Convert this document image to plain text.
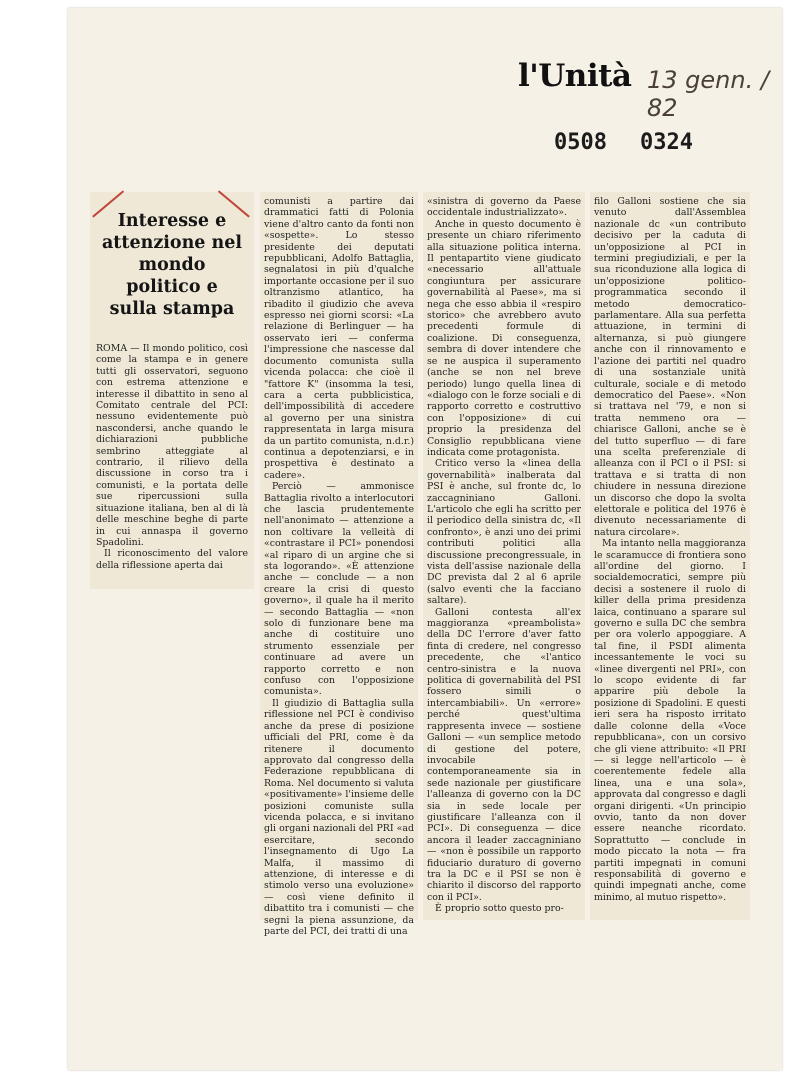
l'Unità 13 genn. / 82
0508 0324
Interesse e attenzione nel mondo politico e sulla stampa

ROMA — Il mondo politico, così come la stampa e in genere tutti gli osservatori, seguono con estrema attenzione e interesse il dibattito in seno al Comitato centrale del PCI: nessuno evidentemente può nascondersi, anche quando le dichiarazioni pubbliche sembrino atteggiate al contrario, il rilievo della discussione in corso tra i comunisti, e la portata delle sue ripercussioni sulla situazione italiana, ben al di là delle meschine beghe di parte in cui annaspa il governo Spadolini.

Il riconoscimento del valore della riflessione aperta dai

comunisti a partire dai drammatici fatti di Polonia viene d'altro canto da fonti non «sospette». Lo stesso presidente dei deputati repubblicani, Adolfo Battaglia, segnalatosi in più d'qualche importante occasione per il suo oltranzismo atlantico, ha ribadito il giudizio che aveva espresso nei giorni scorsi: «La relazione di Berlinguer — ha osservato ieri — conferma l'impressione che nascesse dal documento comunista sulla vicenda polacca: che cioè il "fattore K" (insomma la tesi, cara a certa pubblicistica, dell'impossibilità di accedere al governo per una sinistra rappresentata in larga misura da un partito comunista, n.d.r.) continua a depotenziarsi, e in prospettiva è destinato a cadere».

Perciò — ammonisce Battaglia rivolto a interlocutori che lascia prudentemente nell'anonimato — attenzione a non coltivare la velleità di «contrastare il PCI» ponendosi «al riparo di un argine che si sta logorando». «È attenzione anche — conclude — a non creare la crisi di questo governo», il quale ha il merito — secondo Battaglia — «non solo di funzionare bene ma anche di costituire uno strumento essenziale per continuare ad avere un rapporto corretto e non confuso con l'opposizione comunista».

Il giudizio di Battaglia sulla riflessione nel PCI è condiviso anche da prese di posizione ufficiali del PRI, come è da ritenere il documento approvato dal congresso della Federazione repubblicana di Roma. Nel documento si valuta «positivamente» l'insieme delle posizioni comuniste sulla vicenda polacca, e si invitano gli organi nazionali del PRI «ad esercitare, secondo l'insegnamento di Ugo La Malfa, il massimo di attenzione, di interesse e di stimolo verso una evoluzione» — così viene definito il dibattito tra i comunisti — che segni la piena assunzione, da parte del PCI, dei tratti di una

«sinistra di governo da Paese occidentale industrializzato».

Anche in questo documento è presente un chiaro riferimento alla situazione politica interna. Il pentapartito viene giudicato «necessario all'attuale congiuntura per assicurare governabilità al Paese», ma si nega che esso abbia il «respiro storico» che avrebbero avuto precedenti formule di coalizione. Di conseguenza, sembra di dover intendere che se ne auspica il superamento (anche se non nel breve periodo) lungo quella linea di «dialogo con le forze sociali e di rapporto corretto e costruttivo con l'opposizione» di cui proprio la presidenza del Consiglio repubblicana viene indicata come protagonista.

Critico verso la «linea della governabilità» inalberata dal PSI è anche, sul fronte dc, lo zaccagniniano Galloni. L'articolo che egli ha scritto per il periodico della sinistra dc, «Il confronto», è anzi uno dei primi contributi politici alla discussione precongressuale, in vista dell'assise nazionale della DC prevista dal 2 al 6 aprile (salvo eventi che la facciano saltare).

Galloni contesta all'ex maggioranza «preambolista» della DC l'errore d'aver fatto finta di credere, nel congresso precedente, che «l'antico centro-sinistra e la nuova politica di governabilità del PSI fossero simili o intercambiabili». Un «errore» perché quest'ultima rappresenta invece — sostiene Galloni — «un semplice metodo di gestione del potere, invocabile contemporaneamente sia in sede nazionale per giustificare l'alleanza di governo con la DC sia in sede locale per giustificare l'alleanza con il PCI». Di conseguenza — dice ancora il leader zaccagniniano — «non è possibile un rapporto fiduciario duraturo di governo tra la DC e il PSI se non è chiarito il discorso del rapporto con il PCI».

È proprio sotto questo pro-

filo Galloni sostiene che sia venuto dall'Assemblea nazionale dc «un contributo decisivo per la caduta di un'opposizione al PCI in termini pregiudiziali, e per la sua riconduzione alla logica di un'opposizione politico-programmatica secondo il metodo democratico-parlamentare. Alla sua perfetta attuazione, in termini di alternanza, si può giungere anche con il rinnovamento e l'azione dei partiti nel quadro di una sostanziale unità culturale, sociale e di metodo democratico del Paese». «Non si trattava nel '79, e non si tratta nemmeno ora — chiarisce Galloni, anche se è del tutto superfluo — di fare una scelta preferenziale di alleanza con il PCI o il PSI: si trattava e si tratta di non chiudere in nessuna direzione un discorso che dopo la svolta elettorale e politica del 1976 è divenuto necessariamente di natura circolare».

Ma intanto nella maggioranza le scaramucce di frontiera sono all'ordine del giorno. I socialdemocratici, sempre più decisi a sostenere il ruolo di killer della prima presidenza laica, continuano a sparare sul governo e sulla DC che sembra per ora volerlo appoggiare. A tal fine, il PSDI alimenta incessantemente le voci su «linee divergenti nel PRI», con lo scopo evidente di far apparire più debole la posizione di Spadolini. E questi ieri sera ha risposto irritato dalle colonne della «Voce repubblicana», con un corsivo che gli viene attribuito: «Il PRI — si legge nell'articolo — è coerentemente fedele alla linea, una e una sola», approvata dal congresso e dagli organi dirigenti. «Un principio ovvio, tanto da non dover essere neanche ricordato. Soprattutto — conclude in modo piccato la nota — fra partiti impegnati in comuni responsabilità di governo e quindi impegnati anche, come minimo, al mutuo rispetto».
